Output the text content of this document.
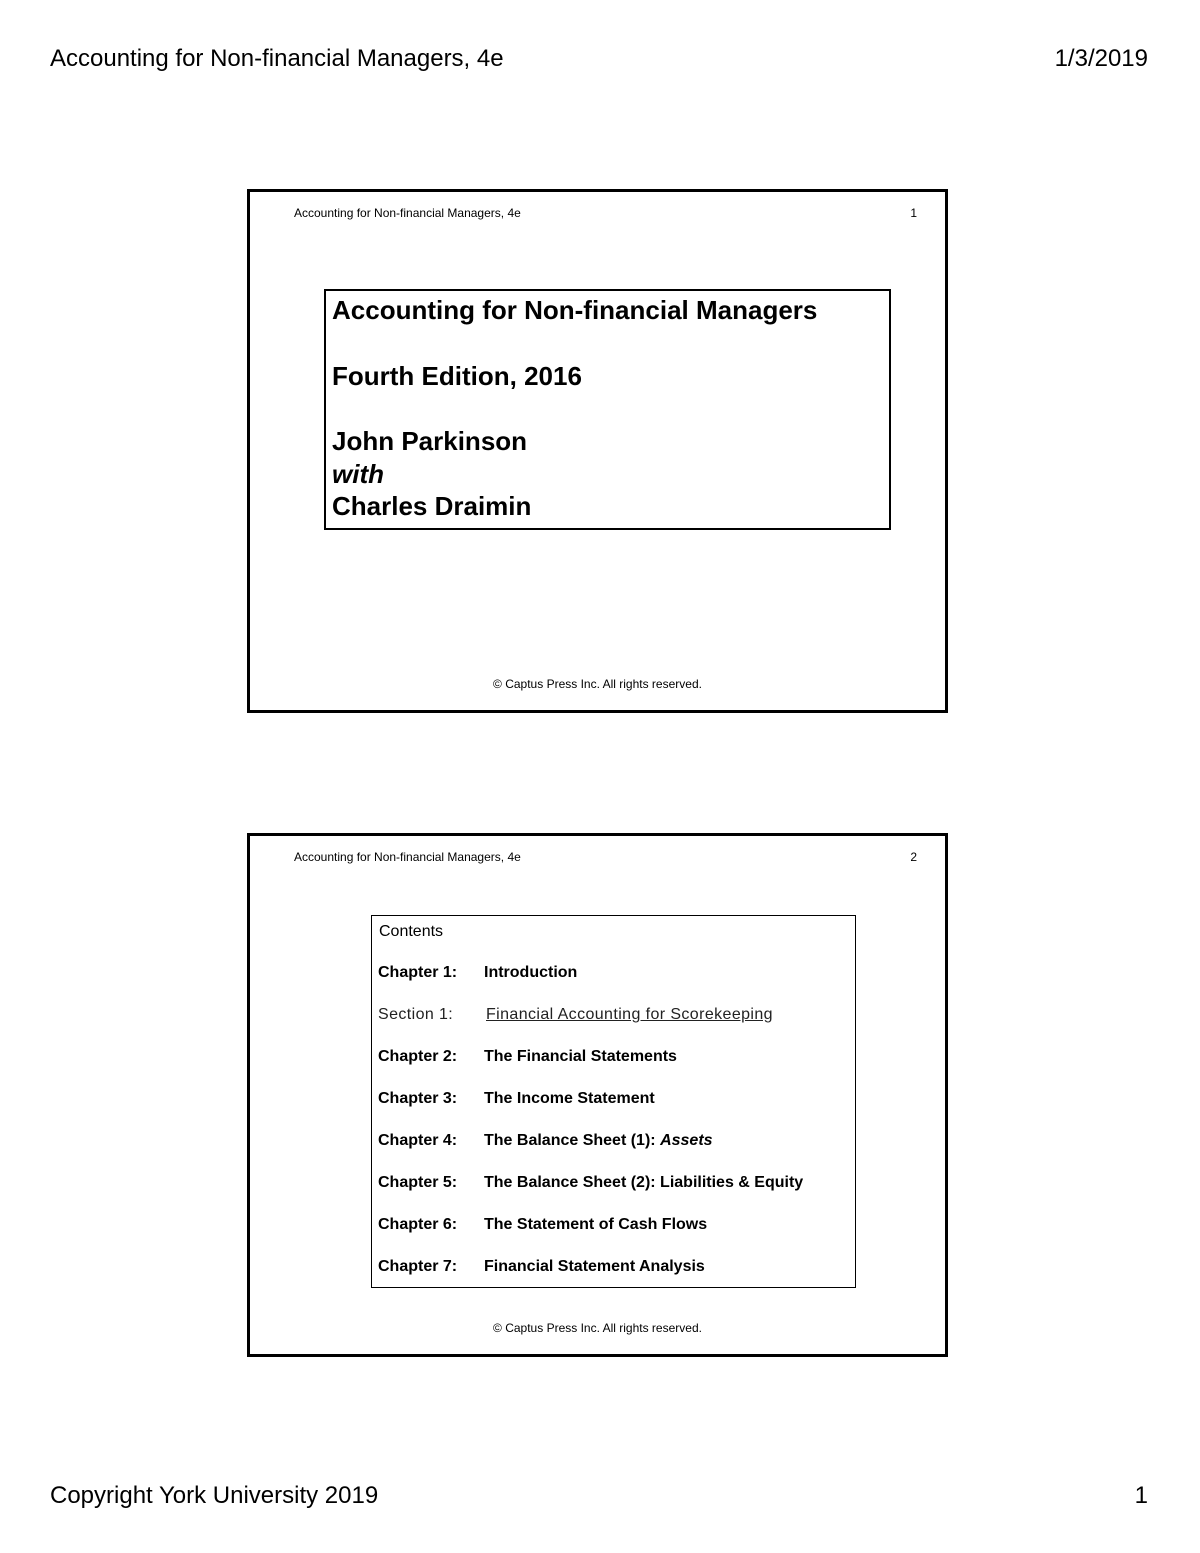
Accounting for Non-financial Managers, 4e	1/3/2019
Accounting for Non-financial Managers, 4e	1
Accounting for Non-financial Managers
Fourth Edition, 2016
John Parkinson
with
Charles Draimin
© Captus Press Inc. All rights reserved.
Accounting for Non-financial Managers, 4e	2
Contents
Chapter 1: Introduction
Section 1: Financial Accounting for Scorekeeping
Chapter 2: The Financial Statements
Chapter 3: The Income Statement
Chapter 4: The Balance Sheet (1): Assets
Chapter 5: The Balance Sheet (2): Liabilities & Equity
Chapter 6: The Statement of Cash Flows
Chapter 7: Financial Statement Analysis
© Captus Press Inc. All rights reserved.
Copyright York University 2019	1
